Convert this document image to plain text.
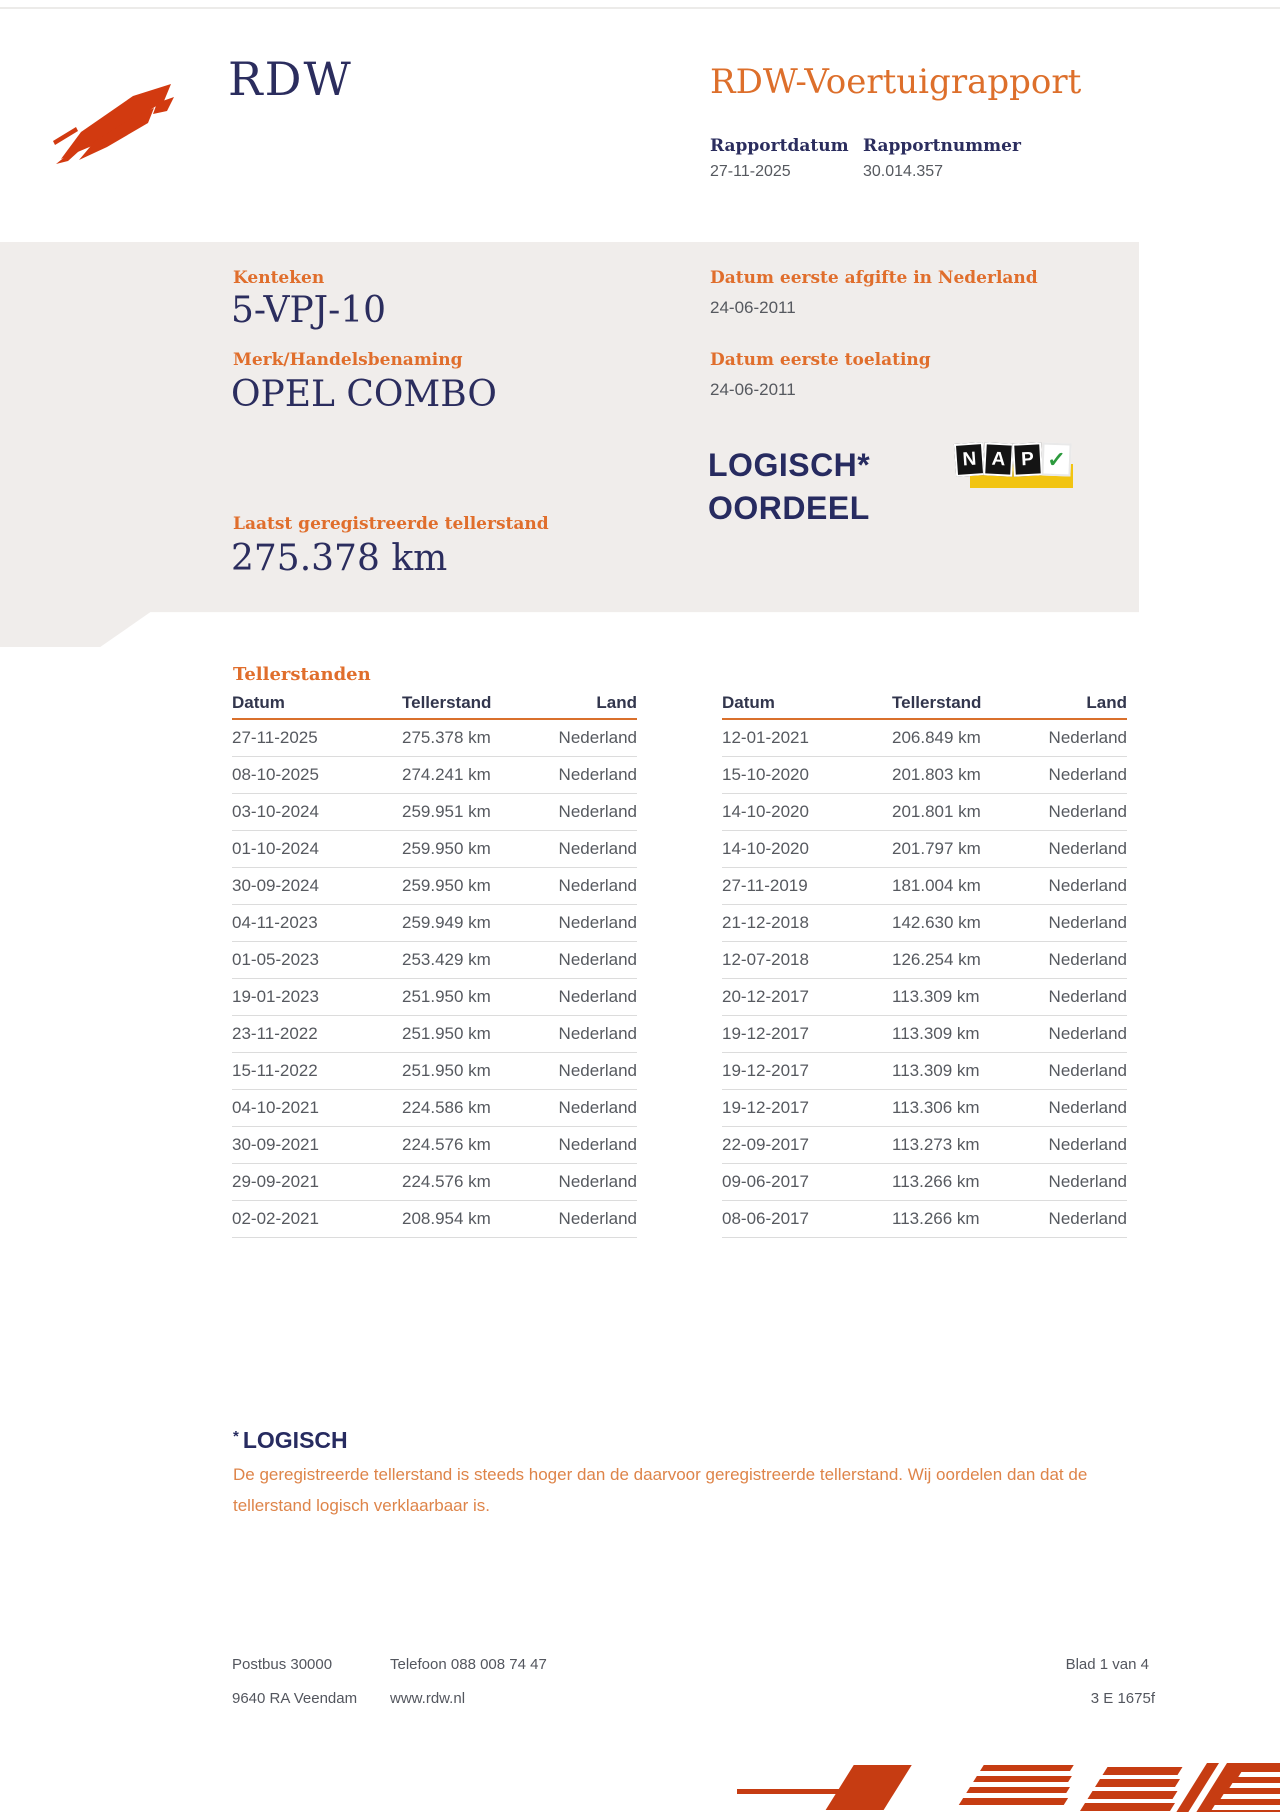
RDW	RDW-Voertuigrapport
Rapportdatum
27-11-2025
Rapportnummer
30.014.357
Kenteken
5-VPJ-10
Merk/Handelsbenaming
OPEL COMBO
Datum eerste afgifte in Nederland
24-06-2011
Datum eerste toelating
24-06-2011
LOGISCH*
OORDEEL
N A P ✓
Laatst geregistreerde tellerstand
275.378 km
Tellerstanden
Datum	Tellerstand	Land
27-11-2025	275.378 km	Nederland
08-10-2025	274.241 km	Nederland
03-10-2024	259.951 km	Nederland
01-10-2024	259.950 km	Nederland
30-09-2024	259.950 km	Nederland
04-11-2023	259.949 km	Nederland
01-05-2023	253.429 km	Nederland
19-01-2023	251.950 km	Nederland
23-11-2022	251.950 km	Nederland
15-11-2022	251.950 km	Nederland
04-10-2021	224.586 km	Nederland
30-09-2021	224.576 km	Nederland
29-09-2021	224.576 km	Nederland
02-02-2021	208.954 km	Nederland
Datum	Tellerstand	Land
12-01-2021	206.849 km	Nederland
15-10-2020	201.803 km	Nederland
14-10-2020	201.801 km	Nederland
14-10-2020	201.797 km	Nederland
27-11-2019	181.004 km	Nederland
21-12-2018	142.630 km	Nederland
12-07-2018	126.254 km	Nederland
20-12-2017	113.309 km	Nederland
19-12-2017	113.309 km	Nederland
19-12-2017	113.309 km	Nederland
19-12-2017	113.306 km	Nederland
22-09-2017	113.273 km	Nederland
09-06-2017	113.266 km	Nederland
08-06-2017	113.266 km	Nederland
* LOGISCH
De geregistreerde tellerstand is steeds hoger dan de daarvoor geregistreerde tellerstand. Wij oordelen dan dat de tellerstand logisch verklaarbaar is.
Postbus 30000
9640 RA Veendam
Telefoon 088 008 74 47
www.rdw.nl
Blad 1 van 4
3 E 1675f
